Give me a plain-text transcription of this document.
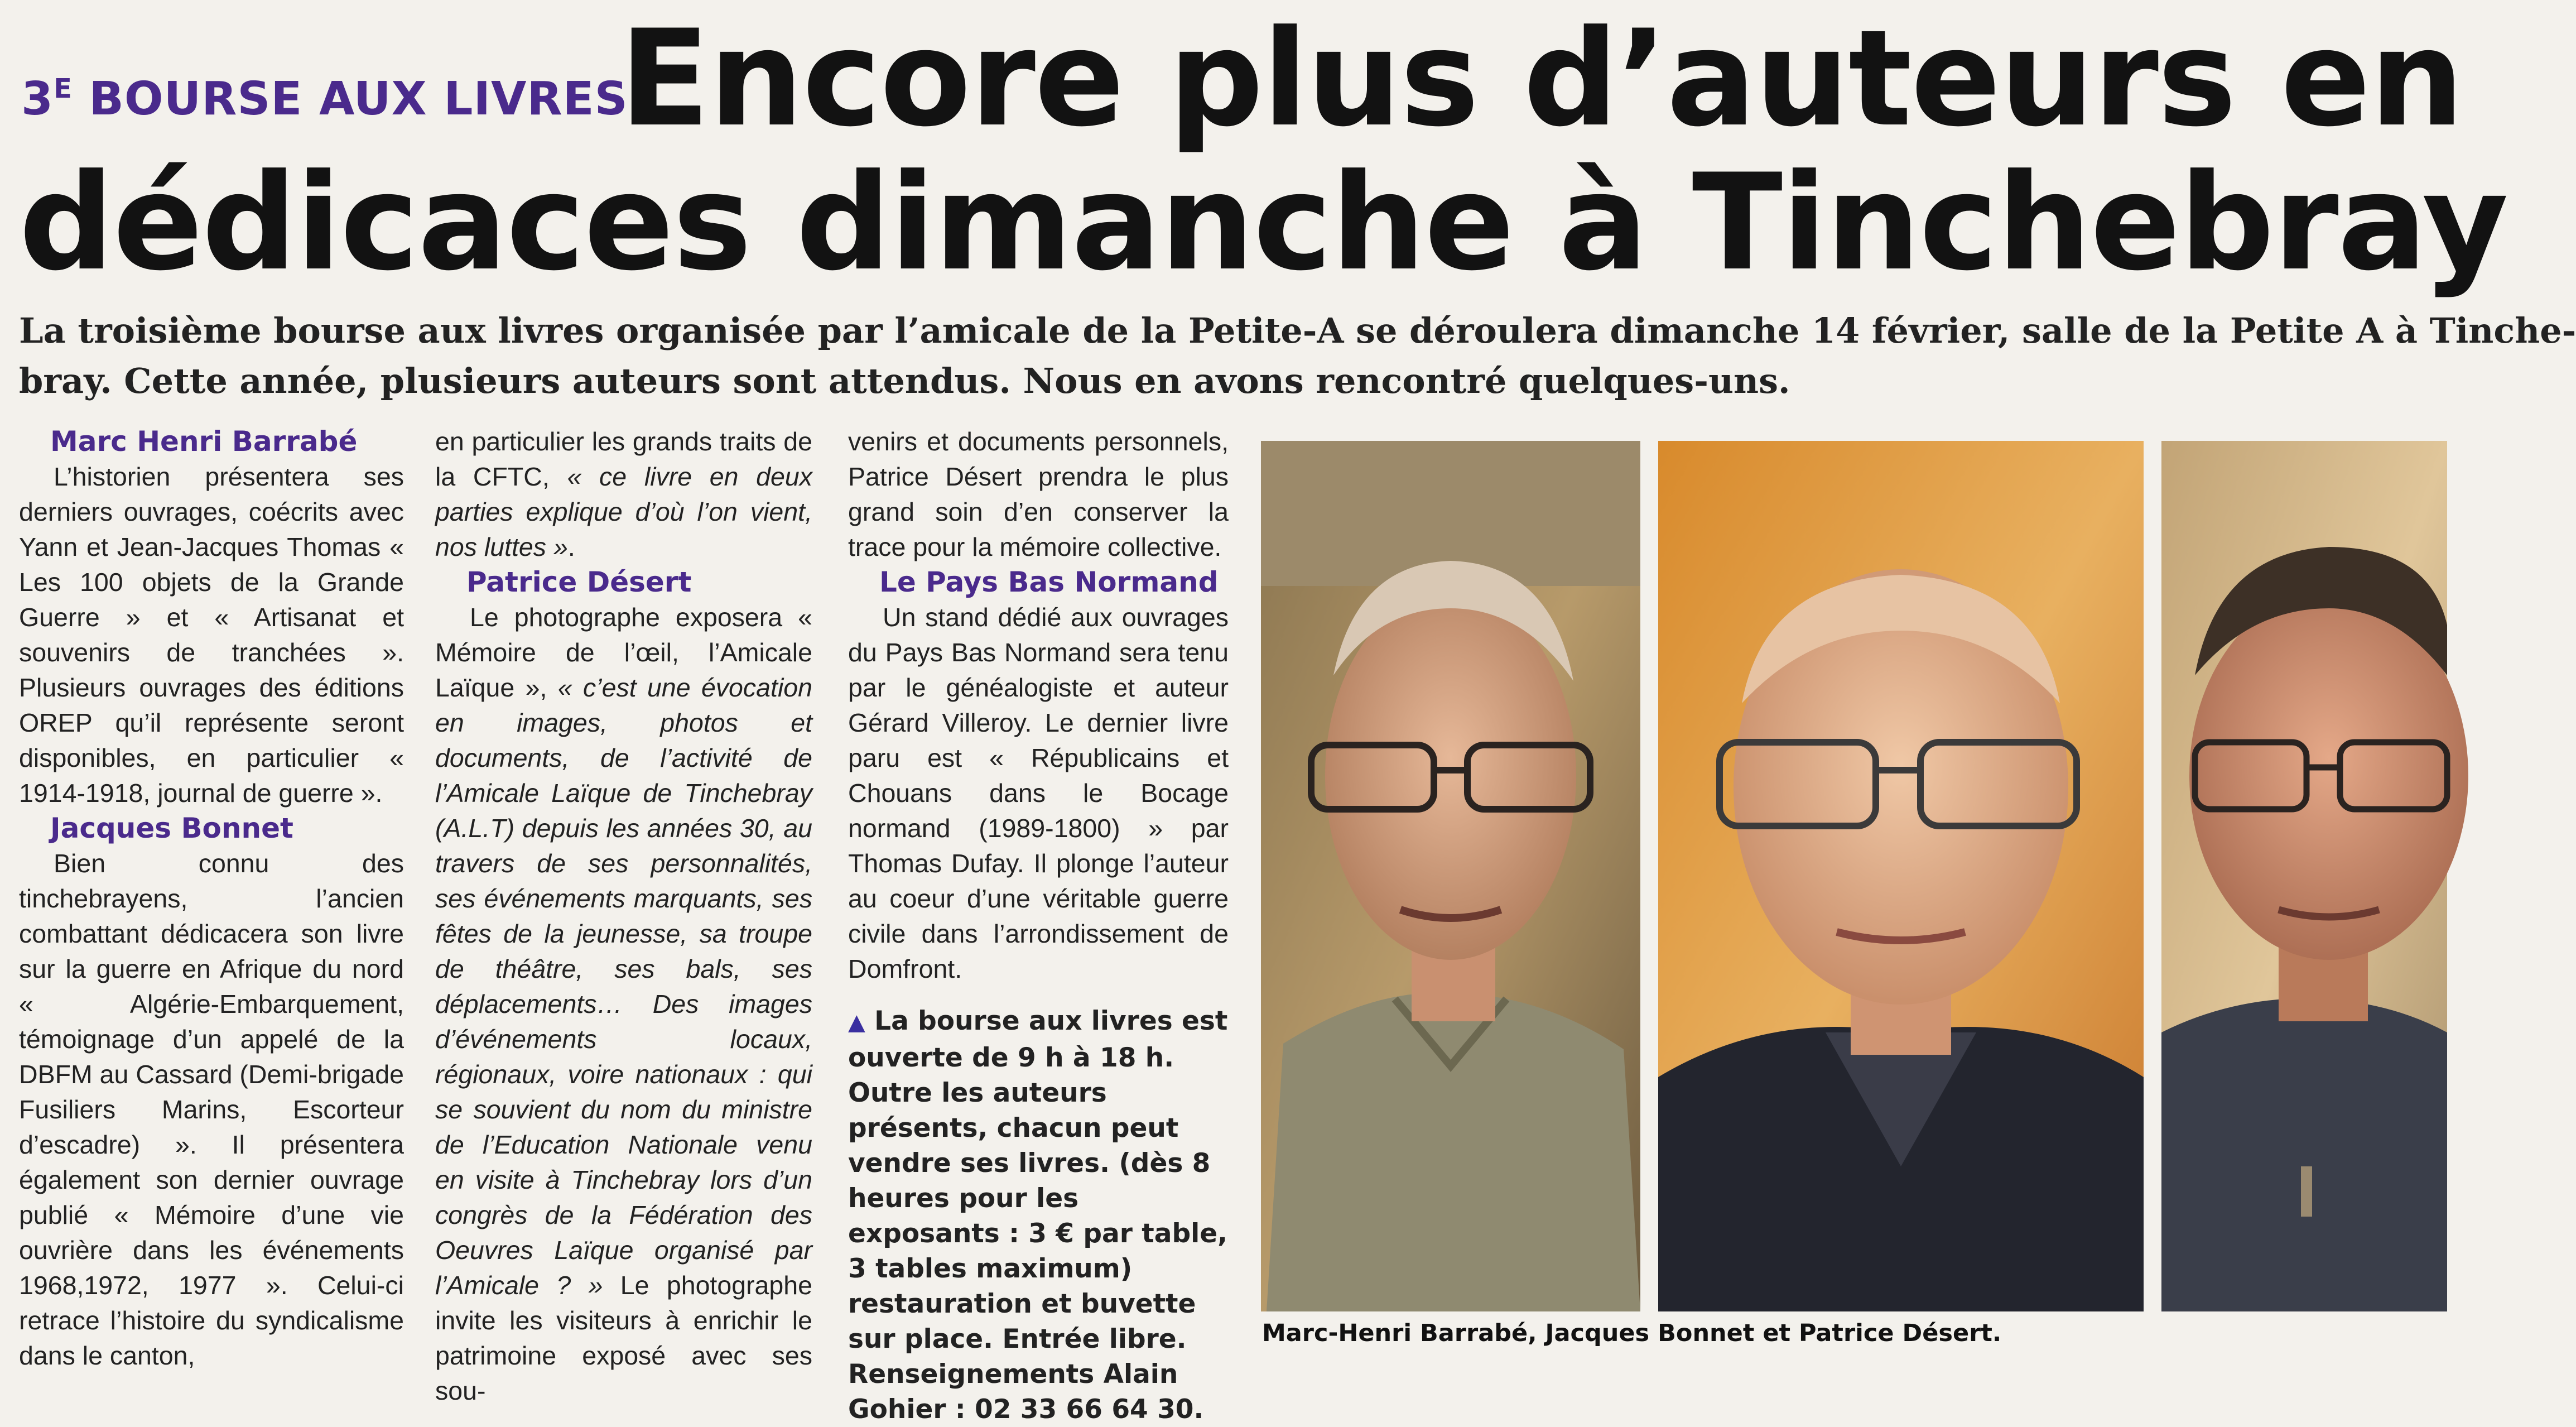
$3^E$ BOURSE AUX LIVRES.
Encore plus d’auteurs en
dédicaces dimanche à Tinchebray
La troisième bourse aux livres organisée par l’amicale de la Petite-A se déroulera dimanche 14 février, salle de la Petite A à Tinche-
bray. Cette année, plusieurs auteurs sont attendus. Nous en avons rencontré quelques-uns.
Marc Henri Barrabé

L’historien présentera ses derniers ouvrages, coécrits avec Yann et Jean-Jacques Thomas « Les 100 objets de la Grande Guerre » et « Artisanat et souvenirs de tranchées ». Plusieurs ouvrages des éditions OREP qu’il représente seront disponibles, en particulier « 1914-1918, journal de guerre ».

Jacques Bonnet

Bien connu des tinchebrayens, l’ancien combattant dédicacera son livre sur la guerre en Afrique du nord « Algérie-Embarquement, témoignage d’un appelé de la DBFM au Cassard (Demi-brigade Fusiliers Marins, Escorteur d’escadre) ». Il présentera également son dernier ouvrage publié « Mémoire d’une vie ouvrière dans les événements 1968,1972, 1977 ». Celui-ci retrace l’histoire du syndicalisme dans le canton,

en particulier les grands traits de la CFTC, « ce livre en deux parties explique d’où l’on vient, nos luttes ».

Patrice Désert

Le photographe exposera « Mémoire de l’œil, l’Amicale Laïque », « c’est une évocation en images, photos et documents, de l’activité de l’Amicale Laïque de Tinchebray (A.L.T) depuis les années 30, au travers de ses personnalités, ses événements marquants, ses fêtes de la jeunesse, sa troupe de théâtre, ses bals, ses déplacements… Des images d’événements locaux, régionaux, voire nationaux : qui se souvient du nom du ministre de l’Education Nationale venu en visite à Tinchebray lors d’un congrès de la Fédération des Oeuvres Laïque organisé par l’Amicale ? » Le photographe invite les visiteurs à enrichir le patrimoine exposé avec ses sou-

venirs et documents personnels, Patrice Désert prendra le plus grand soin d’en conserver la trace pour la mémoire collective.

Le Pays Bas Normand

Un stand dédié aux ouvrages du Pays Bas Normand sera tenu par le généalogiste et auteur Gérard Villeroy. Le dernier livre paru est « Républicains et Chouans dans le Bocage normand (1989-1800) » par Thomas Dufay. Il plonge l’auteur au coeur d’une véritable guerre civile dans l’arrondissement de Domfront.

▲ La bourse aux livres est ouverte de 9 h à 18 h. Outre les auteurs présents, chacun peut vendre ses livres. (dès 8 heures pour les exposants : 3 € par table, 3 tables maximum) restauration et buvette sur place. Entrée libre. Renseignements Alain Gohier : 02 33 66 64 30.
Marc-Henri Barrabé, Jacques Bonnet et Patrice Désert.
